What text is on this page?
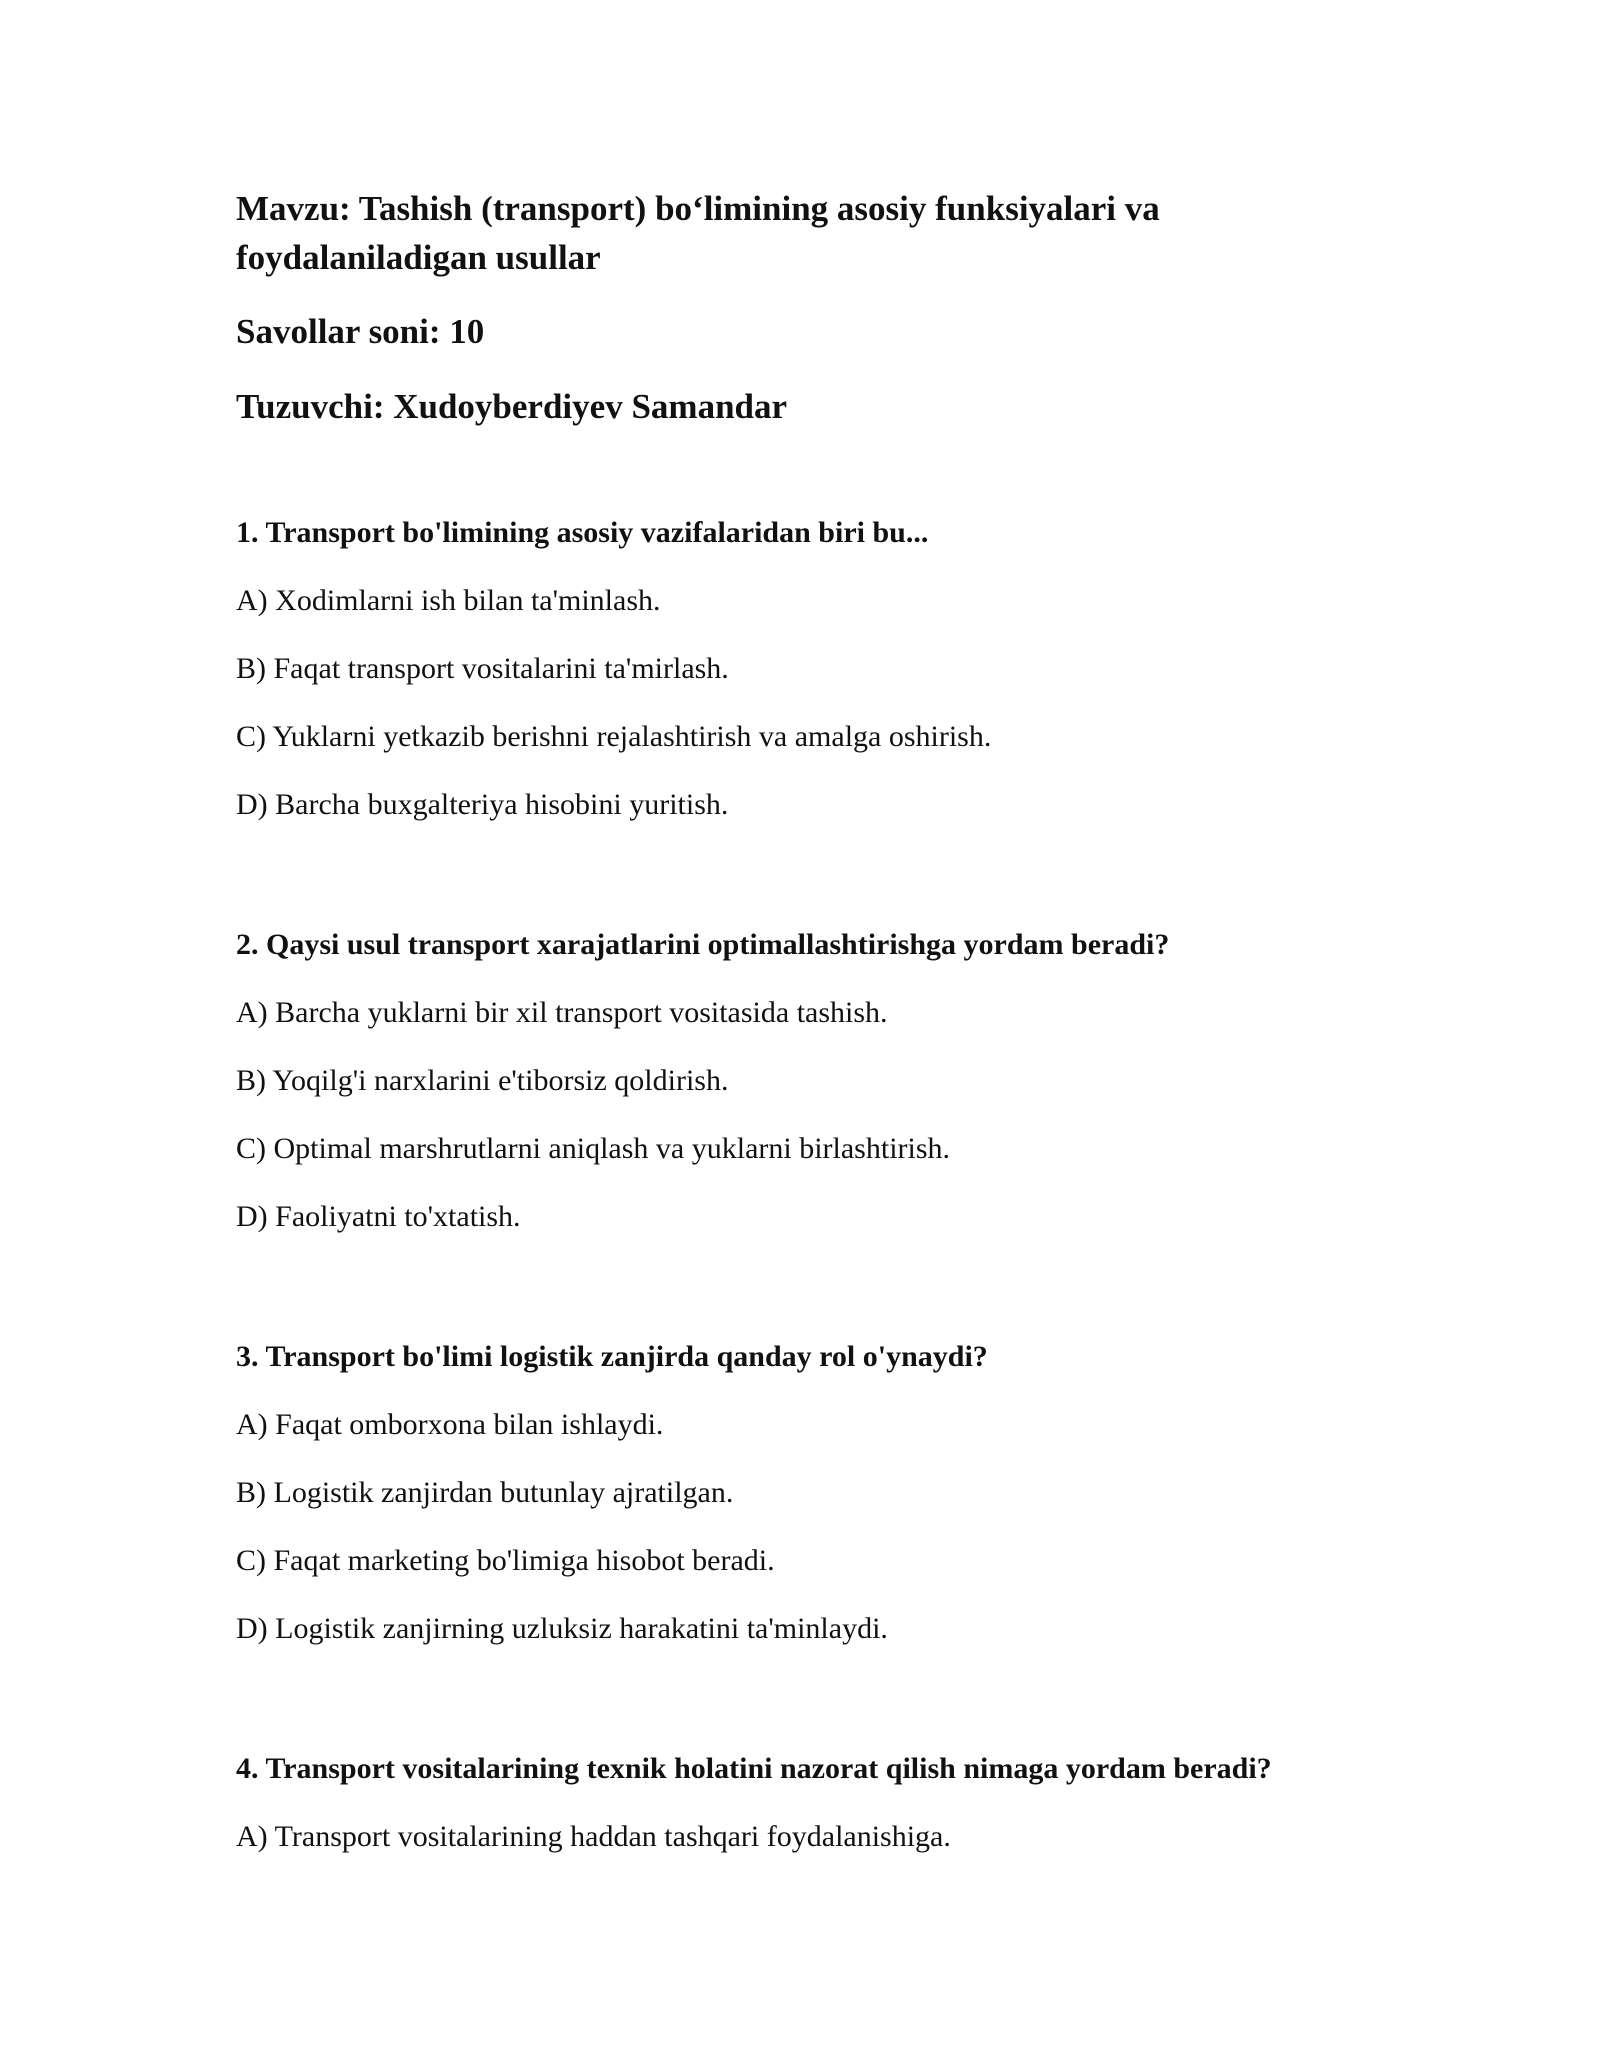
Mavzu: Tashish (transport) bo‘limining asosiy funksiyalari va foydalaniladigan usullar

Savollar soni: 10

Tuzuvchi: Xudoyberdiyev Samandar

1. Transport bo'limining asosiy vazifalaridan biri bu...

A) Xodimlarni ish bilan ta'minlash.

B) Faqat transport vositalarini ta'mirlash.

C) Yuklarni yetkazib berishni rejalashtirish va amalga oshirish.

D) Barcha buxgalteriya hisobini yuritish.

2. Qaysi usul transport xarajatlarini optimallashtirishga yordam beradi?

A) Barcha yuklarni bir xil transport vositasida tashish.

B) Yoqilg'i narxlarini e'tiborsiz qoldirish.

C) Optimal marshrutlarni aniqlash va yuklarni birlashtirish.

D) Faoliyatni to'xtatish.

3. Transport bo'limi logistik zanjirda qanday rol o'ynaydi?

A) Faqat omborxona bilan ishlaydi.

B) Logistik zanjirdan butunlay ajratilgan.

C) Faqat marketing bo'limiga hisobot beradi.

D) Logistik zanjirning uzluksiz harakatini ta'minlaydi.

4. Transport vositalarining texnik holatini nazorat qilish nimaga yordam beradi?

A) Transport vositalarining haddan tashqari foydalanishiga.
